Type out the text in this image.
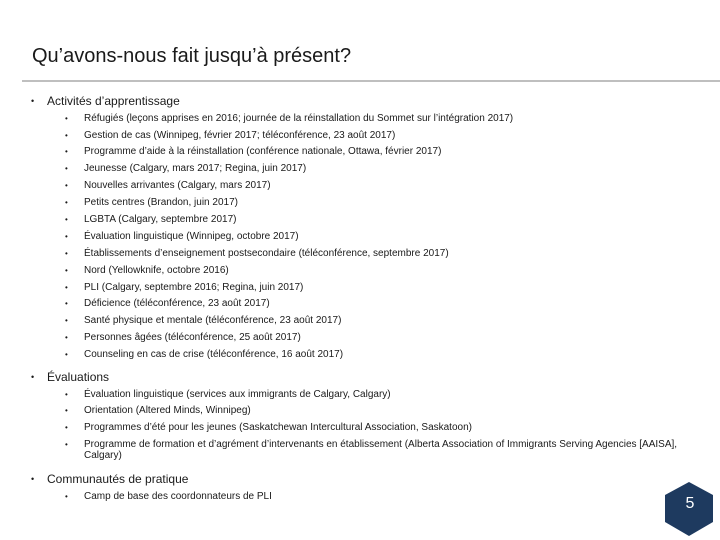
Qu’avons-nous fait jusqu’à présent?
• Activités d’apprentissage
• Réfugiés (leçons apprises en 2016; journée de la réinstallation du Sommet sur l’intégration 2017)
• Gestion de cas (Winnipeg, février 2017; téléconférence, 23 août 2017)
• Programme d’aide à la réinstallation (conférence nationale, Ottawa, février 2017)
• Jeunesse (Calgary, mars 2017; Regina, juin 2017)
• Nouvelles arrivantes (Calgary, mars 2017)
• Petits centres (Brandon, juin 2017)
• LGBTA (Calgary, septembre 2017)
• Évaluation linguistique (Winnipeg, octobre 2017)
• Établissements d’enseignement postsecondaire (téléconférence, septembre 2017)
• Nord (Yellowknife, octobre 2016)
• PLI (Calgary, septembre 2016; Regina, juin 2017)
• Déficience (téléconférence, 23 août 2017)
• Santé physique et mentale (téléconférence, 23 août 2017)
• Personnes âgées (téléconférence, 25 août 2017)
• Counseling en cas de crise (téléconférence, 16 août 2017)
• Évaluations
• Évaluation linguistique (services aux immigrants de Calgary, Calgary)
• Orientation (Altered Minds, Winnipeg)
• Programmes d’été pour les jeunes (Saskatchewan Intercultural Association, Saskatoon)
• Programme de formation et d’agrément d’intervenants en établissement (Alberta Association of Immigrants Serving Agencies [AAISA], Calgary)
• Communautés de pratique
• Camp de base des coordonnateurs de PLI	5
